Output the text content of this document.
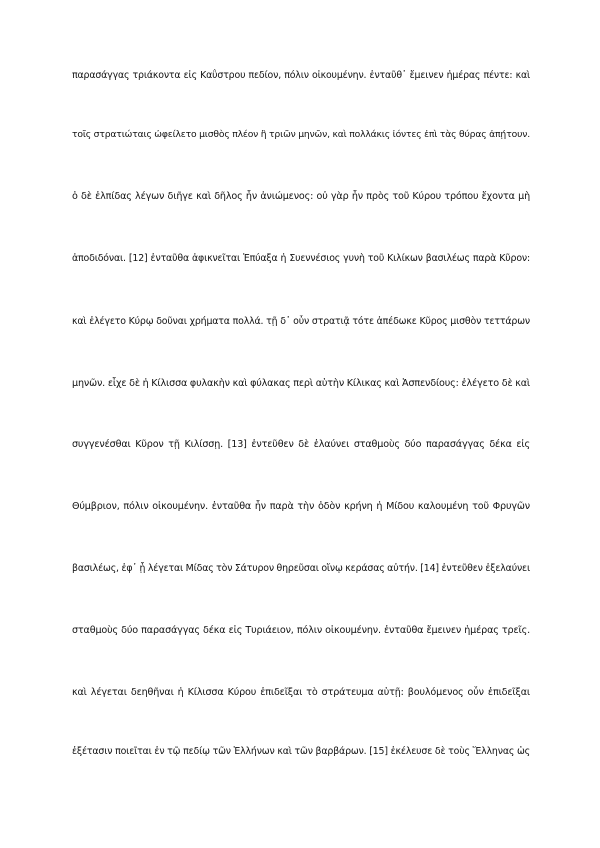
παρασάγγας τριάκοντα εἰς Καΰστρου πεδίον, πόλιν οἰκουμένην. ἐνταῦθ᾽ ἔμεινεν ἡμέρας πέντε: καὶ

τοῖς στρατιώταις ὠφείλετο μισθὸς πλέον ἢ τριῶν μηνῶν, καὶ πολλάκις ἰόντες ἐπὶ τὰς θύρας ἀπῄτουν.

ὁ δὲ ἐλπίδας λέγων διῆγε καὶ δῆλος ἦν ἀνιώμενος: οὐ γὰρ ἦν πρὸς τοῦ Κύρου τρόπου ἔχοντα μὴ

ἀποδιδόναι. [12] ἐνταῦθα ἀφικνεῖται Ἐπύαξα ἡ Συεννέσιος γυνὴ τοῦ Κιλίκων βασιλέως παρὰ Κῦρον:

καὶ ἐλέγετο Κύρῳ δοῦναι χρήματα πολλά. τῇ δ᾽ οὖν στρατιᾷ τότε ἀπέδωκε Κῦρος μισθὸν τεττάρων

μηνῶν. εἶχε δὲ ἡ Κίλισσα φυλακὴν καὶ φύλακας περὶ αὑτὴν Κίλικας καὶ Ἀσπενδίους: ἐλέγετο δὲ καὶ

συγγενέσθαι Κῦρον τῇ Κιλίσσῃ. [13] ἐντεῦθεν δὲ ἐλαύνει σταθμοὺς δύο παρασάγγας δέκα εἰς

Θύμβριον, πόλιν οἰκουμένην. ἐνταῦθα ἦν παρὰ τὴν ὁδὸν κρήνη ἡ Μίδου καλουμένη τοῦ Φρυγῶν

βασιλέως, ἐφ᾽ ᾗ λέγεται Μίδας τὸν Σάτυρον θηρεῦσαι οἴνῳ κεράσας αὐτήν. [14] ἐντεῦθεν ἐξελαύνει

σταθμοὺς δύο παρασάγγας δέκα εἰς Τυριάειον, πόλιν οἰκουμένην. ἐνταῦθα ἔμεινεν ἡμέρας τρεῖς.

καὶ λέγεται δεηθῆναι ἡ Κίλισσα Κύρου ἐπιδεῖξαι τὸ στράτευμα αὑτῇ: βουλόμενος οὖν ἐπιδεῖξαι

ἐξέτασιν ποιεῖται ἐν τῷ πεδίῳ τῶν Ἑλλήνων καὶ τῶν βαρβάρων. [15] ἐκέλευσε δὲ τοὺς Ἕλληνας ὡς
